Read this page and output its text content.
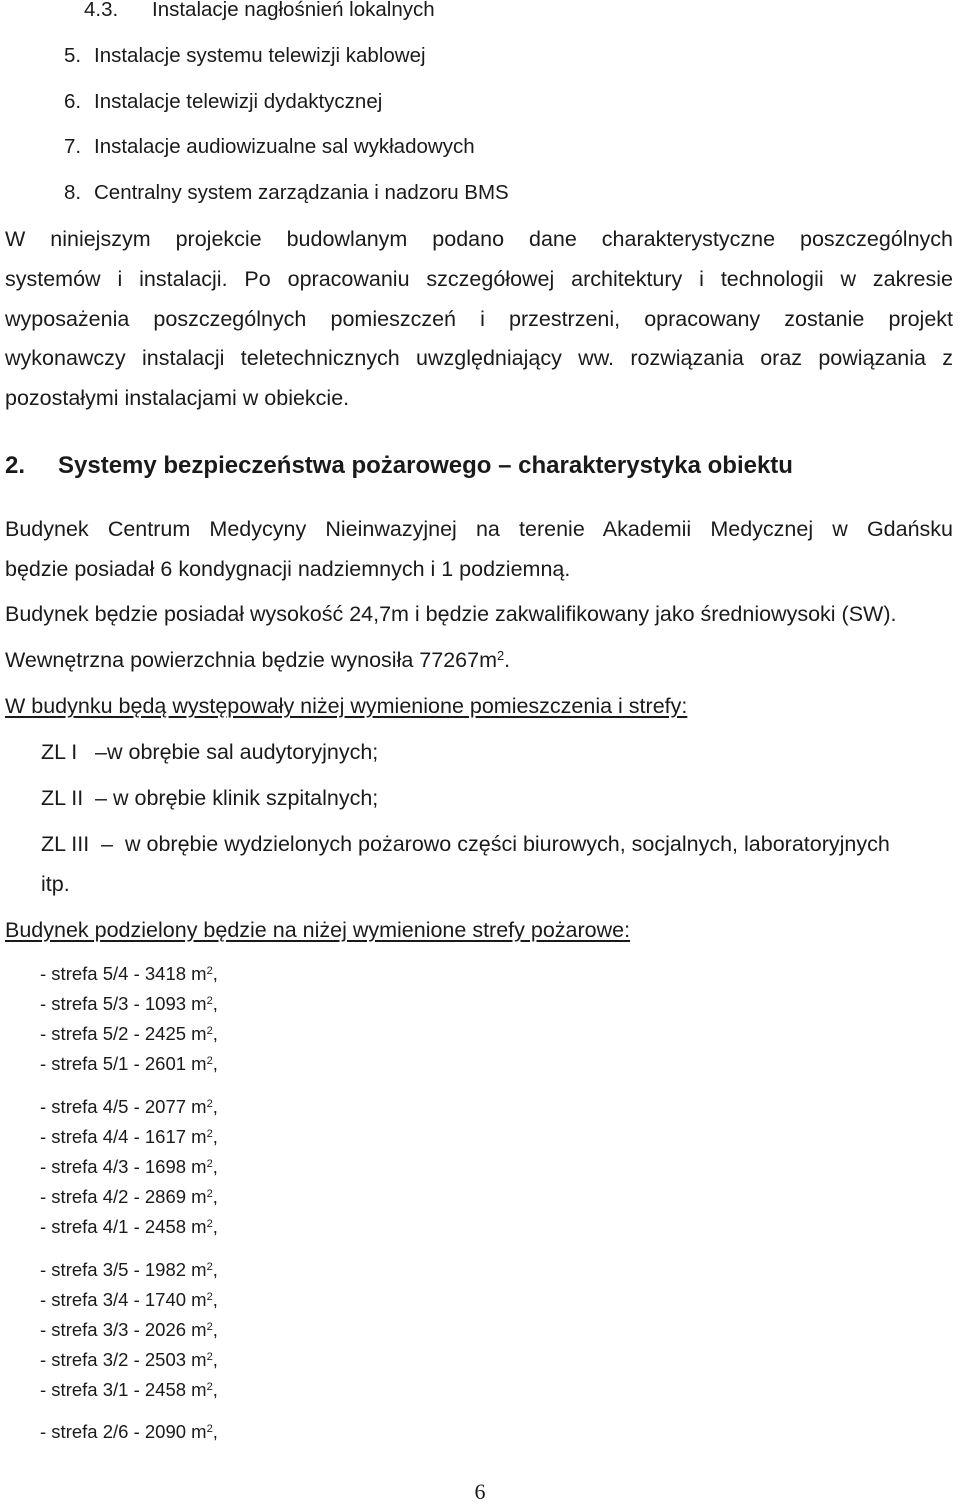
4.3. Instalacje nagłośnień lokalnych
5. Instalacje systemu telewizji kablowej
6. Instalacje telewizji dydaktycznej
7. Instalacje audiowizualne sal wykładowych
8. Centralny system zarządzania i nadzoru BMS
W niniejszym projekcie budowlanym podano dane charakterystyczne poszczególnych
systemów i instalacji. Po opracowaniu szczegółowej architektury i technologii w zakresie
wyposażenia poszczególnych pomieszczeń i przestrzeni, opracowany zostanie projekt
wykonawczy instalacji teletechnicznych uwzględniający ww. rozwiązania oraz powiązania z
pozostałymi instalacjami w obiekcie.
2. Systemy bezpieczeństwa pożarowego – charakterystyka obiektu
Budynek Centrum Medycyny Nieinwazyjnej na terenie Akademii Medycznej w Gdańsku
będzie posiadał 6 kondygnacji nadziemnych i 1 podziemną.
Budynek będzie posiadał wysokość 24,7m i będzie zakwalifikowany jako średniowysoki (SW).
Wewnętrzna powierzchnia będzie wynosiła $77267m^2$.
W budynku będą występowały niżej wymienione pomieszczenia i strefy:
ZL I – w obrębie sal audytoryjnych;
ZL II – w obrębie klinik szpitalnych;
ZL III – w obrębie wydzielonych pożarowo części biurowych, socjalnych, laboratoryjnych
itp.
Budynek podzielony będzie na niżej wymienione strefy pożarowe:
- strefa 5/4 - 3418 $m^2$,
- strefa 5/3 - 1093 $m^2$,
- strefa 5/2 - 2425 $m^2$,
- strefa 5/1 - 2601 $m^2$,
- strefa 4/5 - 2077 $m^2$,
- strefa 4/4 - 1617 $m^2$,
- strefa 4/3 - 1698 $m^2$,
- strefa 4/2 - 2869 $m^2$,
- strefa 4/1 - 2458 $m^2$,
- strefa 3/5 - 1982 $m^2$,
- strefa 3/4 - 1740 $m^2$,
- strefa 3/3 - 2026 $m^2$,
- strefa 3/2 - 2503 $m^2$,
- strefa 3/1 - 2458 $m^2$,
- strefa 2/6 - 2090 $m^2$,
6
